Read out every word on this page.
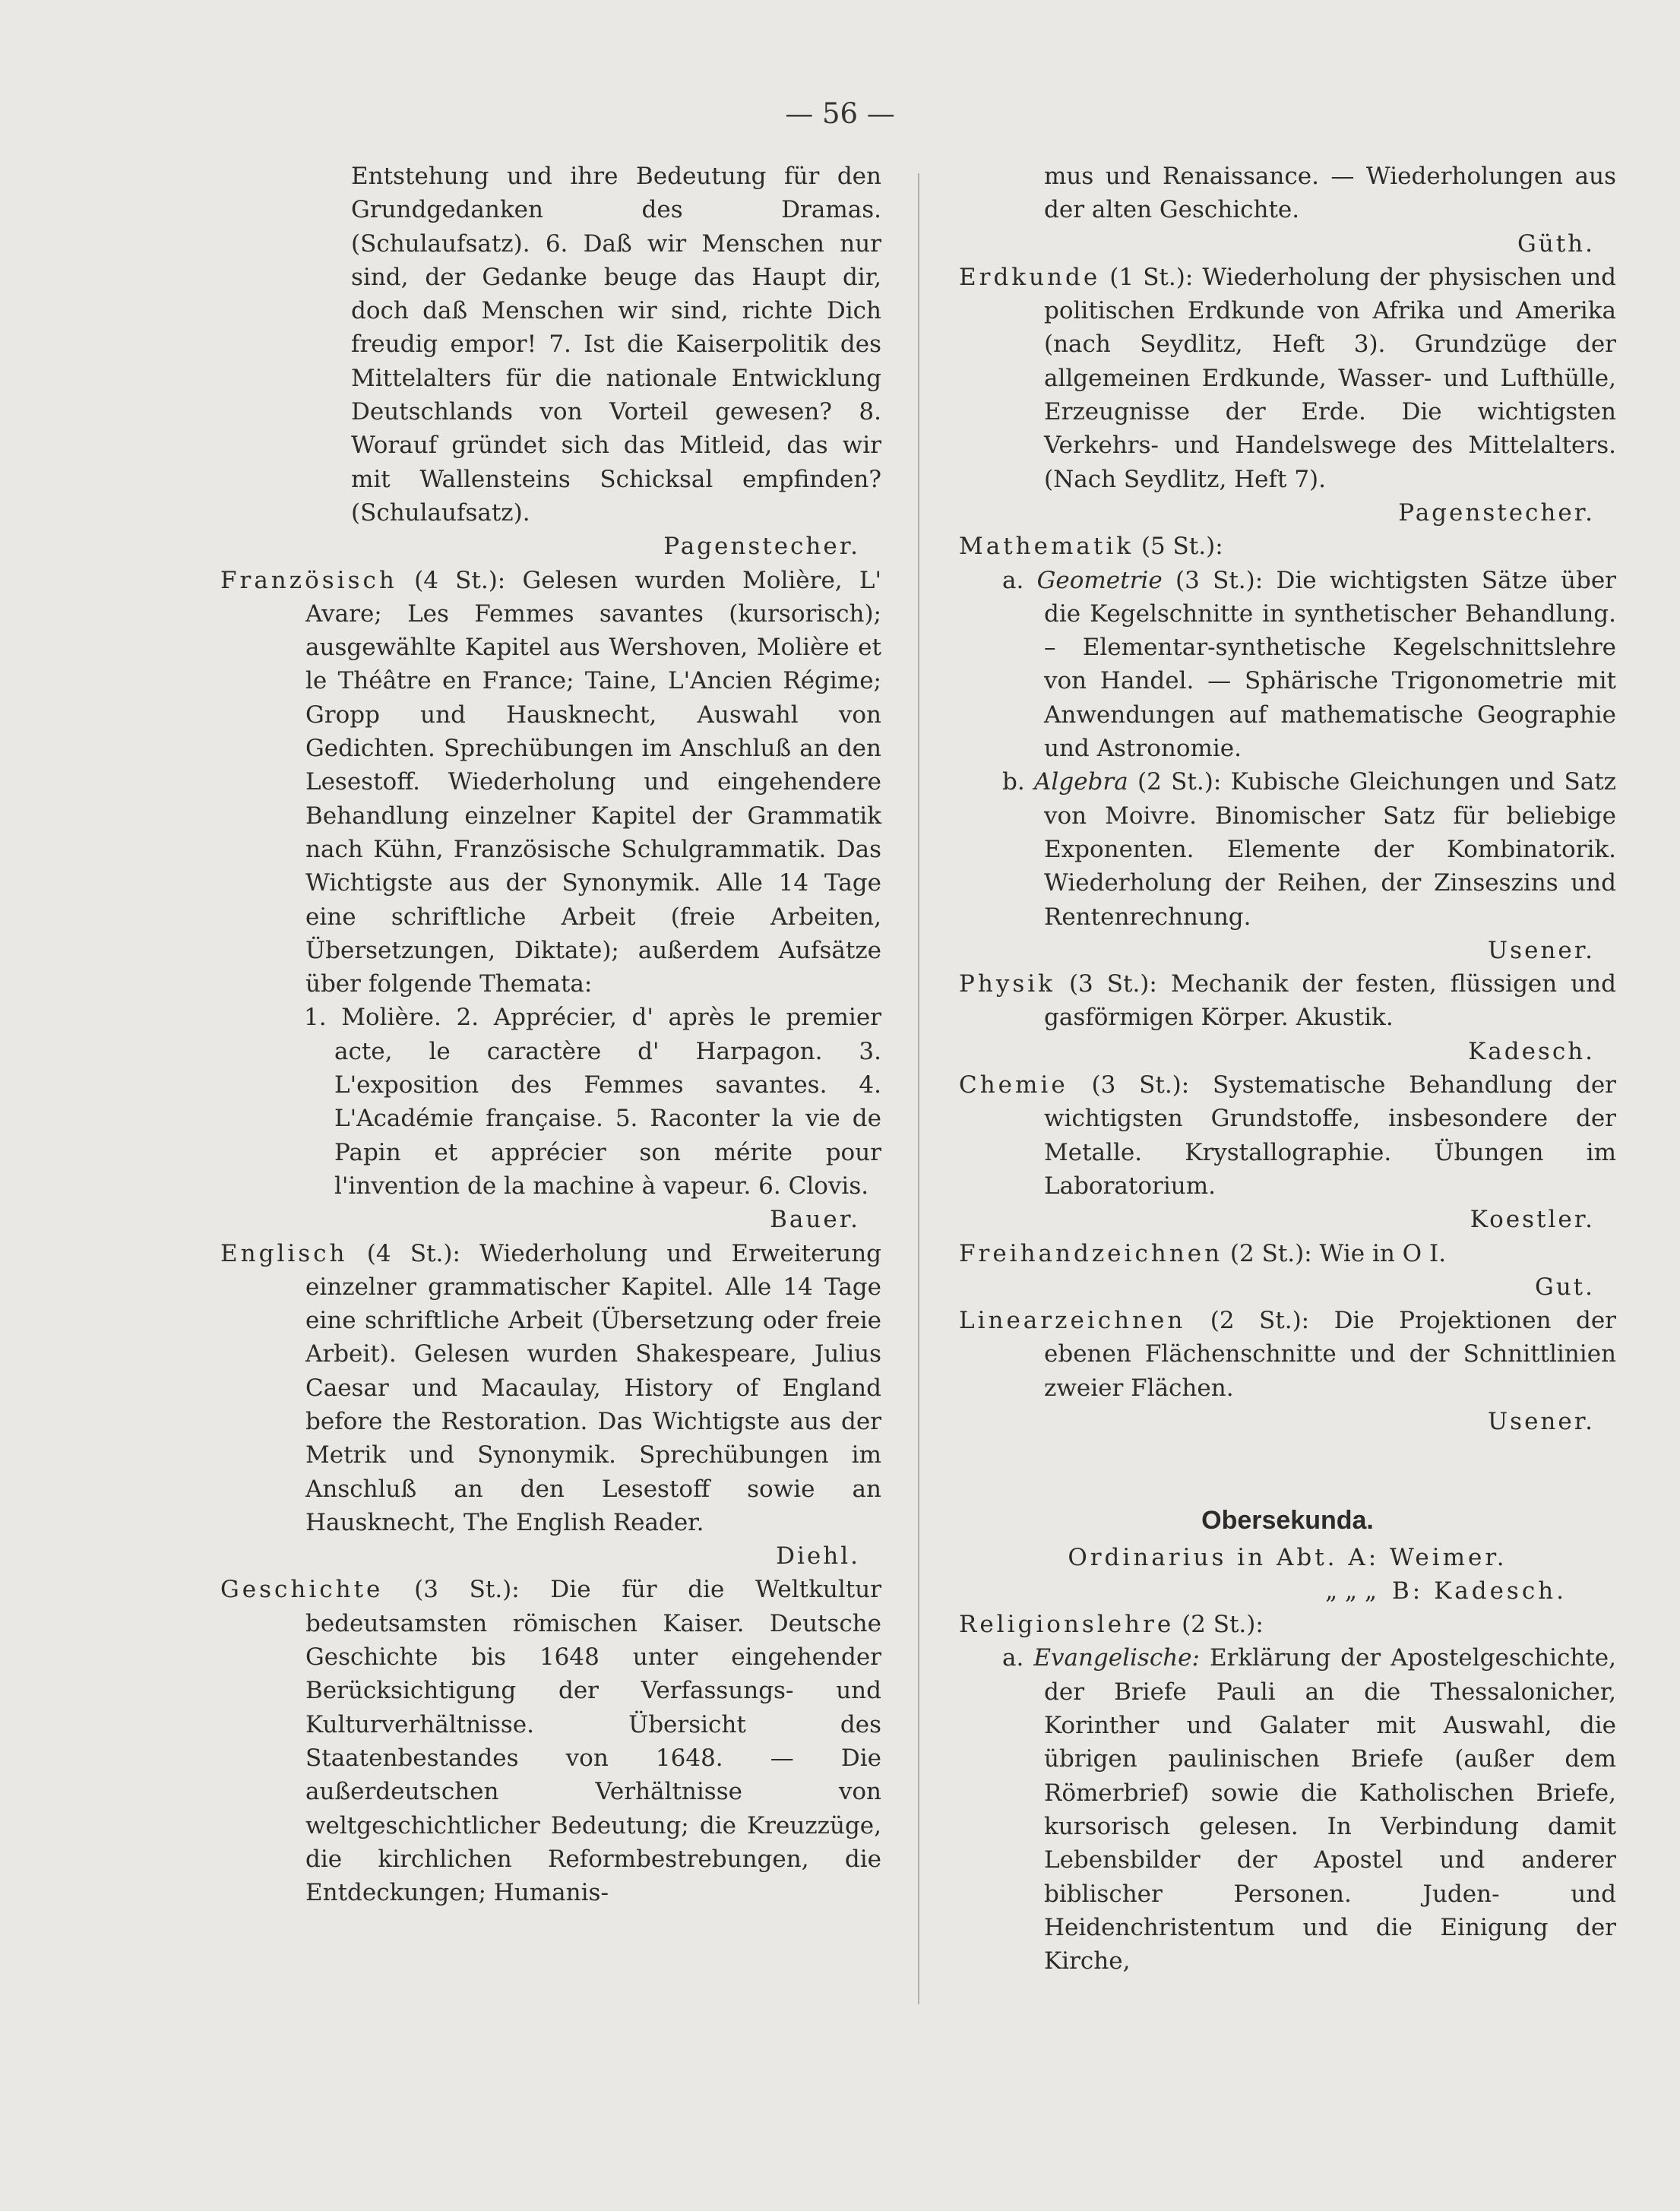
— 56 —

Entstehung und ihre Bedeutung für den Grundgedanken des Dramas. (Schulaufsatz). 6. Daß wir Menschen nur sind, der Gedanke beuge das Haupt dir, doch daß Menschen wir sind, richte Dich freudig empor! 7. Ist die Kaiserpolitik des Mittelalters für die nationale Entwicklung Deutschlands von Vorteil gewesen? 8. Worauf gründet sich das Mitleid, das wir mit Wallensteins Schicksal empfinden? (Schulaufsatz).

Pagenstecher.

Französisch (4 St.): Gelesen wurden Molière, L' Avare; Les Femmes savantes (kursorisch); ausgewählte Kapitel aus Wershoven, Molière et le Théâtre en France; Taine, L'Ancien Régime; Gropp und Hausknecht, Auswahl von Gedichten. Sprechübungen im Anschluß an den Lesestoff. Wiederholung und eingehendere Behandlung einzelner Kapitel der Grammatik nach Kühn, Französische Schulgrammatik. Das Wichtigste aus der Synonymik. Alle 14 Tage eine schriftliche Arbeit (freie Arbeiten, Übersetzungen, Diktate); außerdem Aufsätze über folgende Themata:

1. Molière. 2. Apprécier, d' après le premier acte, le caractère d' Harpagon. 3. L'exposition des Femmes savantes. 4. L'Académie française. 5. Raconter la vie de Papin et apprécier son mérite pour l'invention de la machine à vapeur. 6. Clovis.

Bauer.

Englisch (4 St.): Wiederholung und Erweiterung einzelner grammatischer Kapitel. Alle 14 Tage eine schriftliche Arbeit (Übersetzung oder freie Arbeit). Gelesen wurden Shakespeare, Julius Caesar und Macaulay, History of England before the Restoration. Das Wichtigste aus der Metrik und Synonymik. Sprechübungen im Anschluß an den Lesestoff sowie an Hausknecht, The English Reader.

Diehl.

Geschichte (3 St.): Die für die Weltkultur bedeutsamsten römischen Kaiser. Deutsche Geschichte bis 1648 unter eingehender Berücksichtigung der Verfassungs- und Kulturverhältnisse. Übersicht des Staatenbestandes von 1648. — Die außerdeutschen Verhältnisse von weltgeschichtlicher Bedeutung; die Kreuzzüge, die kirchlichen Reformbestrebungen, die Entdeckungen; Humanis-

mus und Renaissance. — Wiederholungen aus der alten Geschichte.

Güth.

Erdkunde (1 St.): Wiederholung der physischen und politischen Erdkunde von Afrika und Amerika (nach Seydlitz, Heft 3). Grundzüge der allgemeinen Erdkunde, Wasser- und Lufthülle, Erzeugnisse der Erde. Die wichtigsten Verkehrs- und Handelswege des Mittelalters. (Nach Seydlitz, Heft 7).

Pagenstecher.

Mathematik (5 St.):

a. Geometrie (3 St.): Die wichtigsten Sätze über die Kegelschnitte in synthetischer Behandlung. – Elementar-synthetische Kegelschnittslehre von Handel. — Sphärische Trigonometrie mit Anwendungen auf mathematische Geographie und Astronomie.

b. Algebra (2 St.): Kubische Gleichungen und Satz von Moivre. Binomischer Satz für beliebige Exponenten. Elemente der Kombinatorik. Wiederholung der Reihen, der Zinseszins und Rentenrechnung.

Usener.

Physik (3 St.): Mechanik der festen, flüssigen und gasförmigen Körper. Akustik.

Kadesch.

Chemie (3 St.): Systematische Behandlung der wichtigsten Grundstoffe, insbesondere der Metalle. Krystallographie. Übungen im Laboratorium.

Koestler.

Freihandzeichnen (2 St.): Wie in O I.

Gut.

Linearzeichnen (2 St.): Die Projektionen der ebenen Flächenschnitte und der Schnittlinien zweier Flächen.

Usener.

Obersekunda.

Ordinarius in Abt. A: Weimer.

„ „ „ B: Kadesch.

Religionslehre (2 St.):

a. Evangelische: Erklärung der Apostelgeschichte, der Briefe Pauli an die Thessalonicher, Korinther und Galater mit Auswahl, die übrigen paulinischen Briefe (außer dem Römerbrief) sowie die Katholischen Briefe, kursorisch gelesen. In Verbindung damit Lebensbilder der Apostel und anderer biblischer Personen. Juden- und Heidenchristentum und die Einigung der Kirche,
